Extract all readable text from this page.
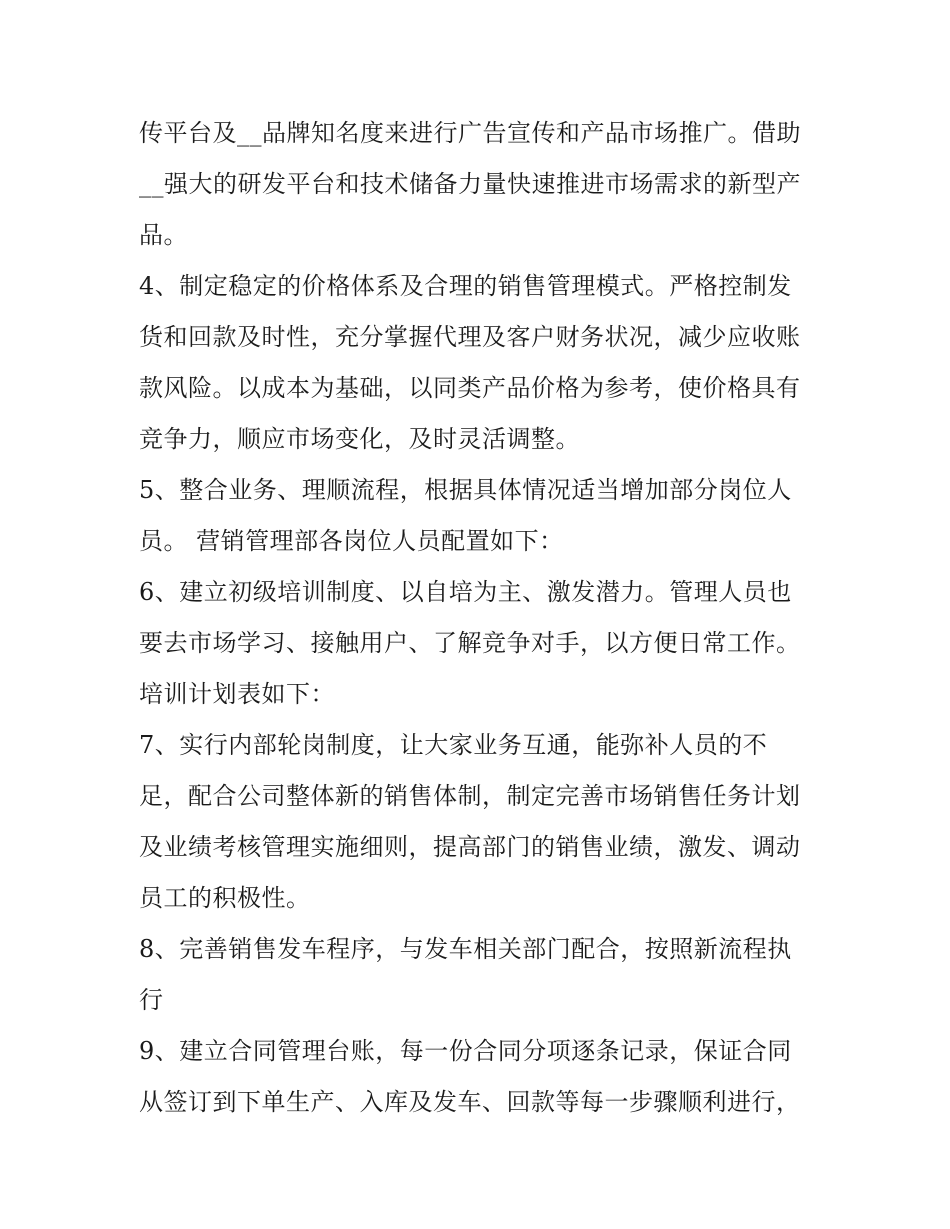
传平台及__品牌知名度来进行广告宣传和产品市场推广。借助
__强大的研发平台和技术储备力量快速推进市场需求的新型产
品。
4、制定稳定的价格体系及合理的销售管理模式。严格控制发
货和回款及时性，充分掌握代理及客户财务状况，减少应收账
款风险。以成本为基础，以同类产品价格为参考，使价格具有
竞争力，顺应市场变化，及时灵活调整。
5、整合业务、理顺流程，根据具体情况适当增加部分岗位人
员。 营销管理部各岗位人员配置如下：
6、建立初级培训制度、以自培为主、激发潜力。管理人员也
要去市场学习、接触用户、了解竞争对手，以方便日常工作。
培训计划表如下：
7、实行内部轮岗制度，让大家业务互通，能弥补人员的不
足，配合公司整体新的销售体制，制定完善市场销售任务计划
及业绩考核管理实施细则，提高部门的销售业绩，激发、调动
员工的积极性。
8、完善销售发车程序，与发车相关部门配合，按照新流程执
行
9、建立合同管理台账，每一份合同分项逐条记录，保证合同
从签订到下单生产、入库及发车、回款等每一步骤顺利进行，
